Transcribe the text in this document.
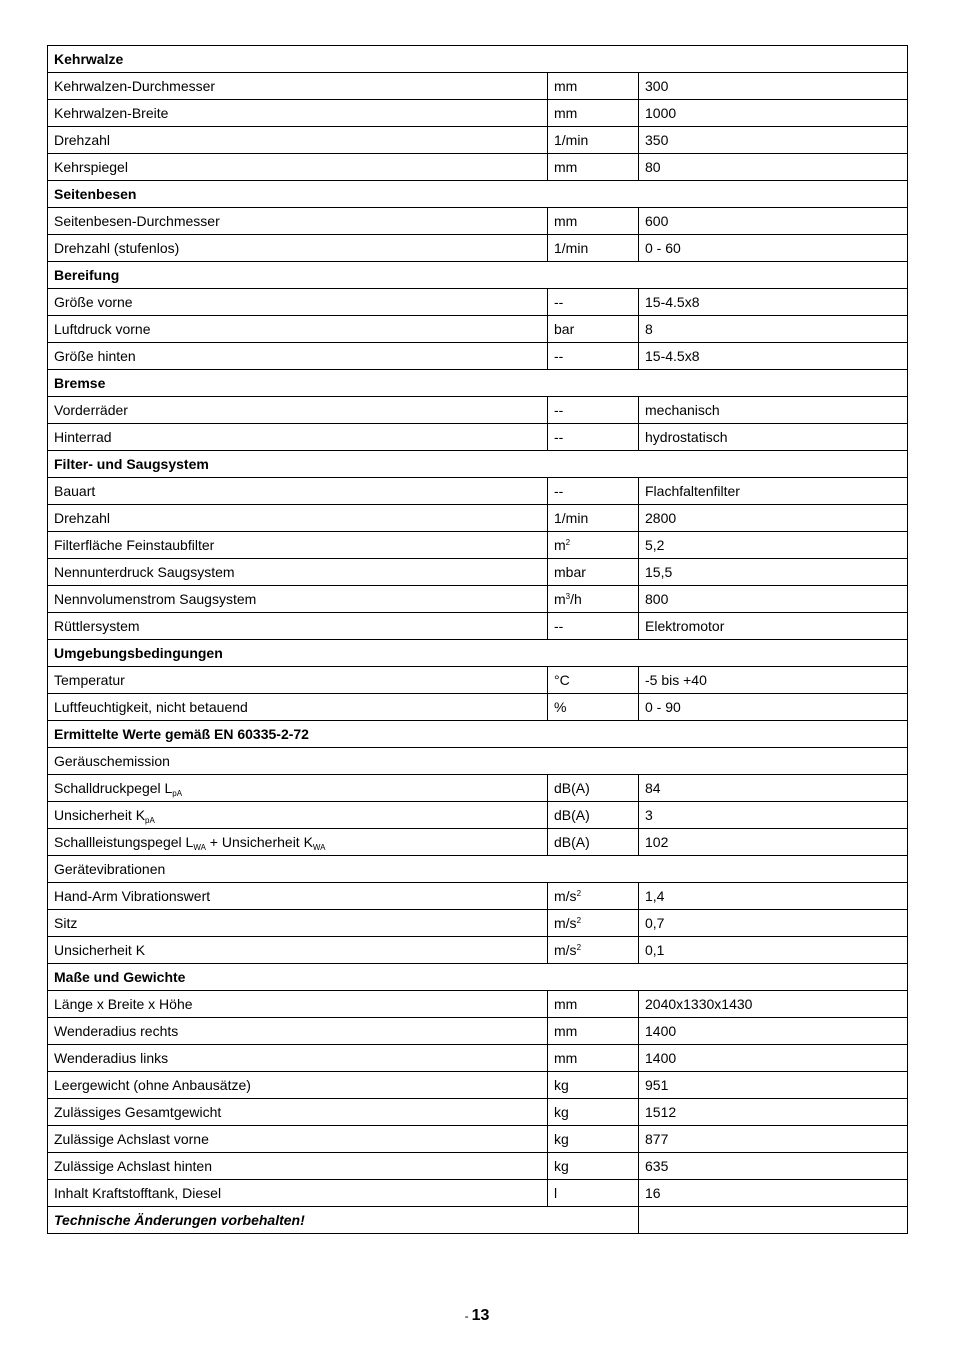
Kehrwalze		
Kehrwalzen-Durchmesser	mm	300
Kehrwalzen-Breite	mm	1000
Drehzahl	1/min	350
Kehrspiegel	mm	80
Seitenbesen		
Seitenbesen-Durchmesser	mm	600
Drehzahl (stufenlos)	1/min	0 - 60
Bereifung		
Größe vorne	--	15-4.5x8
Luftdruck vorne	bar	8
Größe hinten	--	15-4.5x8
Bremse		
Vorderräder	--	mechanisch
Hinterrad	--	hydrostatisch
Filter- und Saugsystem		
Bauart	--	Flachfaltenfilter
Drehzahl	1/min	2800
Filterfläche Feinstaubfilter	$m^2$	5,2
Nennunterdruck Saugsystem	mbar	15,5
Nennvolumenstrom Saugsystem	$m^3/h$	800
Rüttlersystem	--	Elektromotor
Umgebungsbedingungen		
Temperatur	°C	-5 bis +40
Luftfeuchtigkeit, nicht betauend	%	0 - 90
Ermittelte Werte gemäß EN 60335-2-72		
Geräuschemission		
Schalldruckpegel $L_{pA}$	dB(A)	84
Unsicherheit $K_{pA}$	dB(A)	3
Schallleistungspegel $L_{WA}$ + Unsicherheit $K_{WA}$	dB(A)	102
Gerätevibrationen		
Hand-Arm Vibrationswert	$m/s^2$	1,4
Sitz	$m/s^2$	0,7
Unsicherheit K	$m/s^2$	0,1
Maße und Gewichte		
Länge x Breite x Höhe	mm	2040x1330x1430
Wenderadius rechts	mm	1400
Wenderadius links	mm	1400
Leergewicht (ohne Anbausätze)	kg	951
Zulässiges Gesamtgewicht	kg	1512
Zulässige Achslast vorne	kg	877
Zulässige Achslast hinten	kg	635
Inhalt Kraftstofftank, Diesel	l	16
Technische Änderungen vorbehalten!		
- 13
